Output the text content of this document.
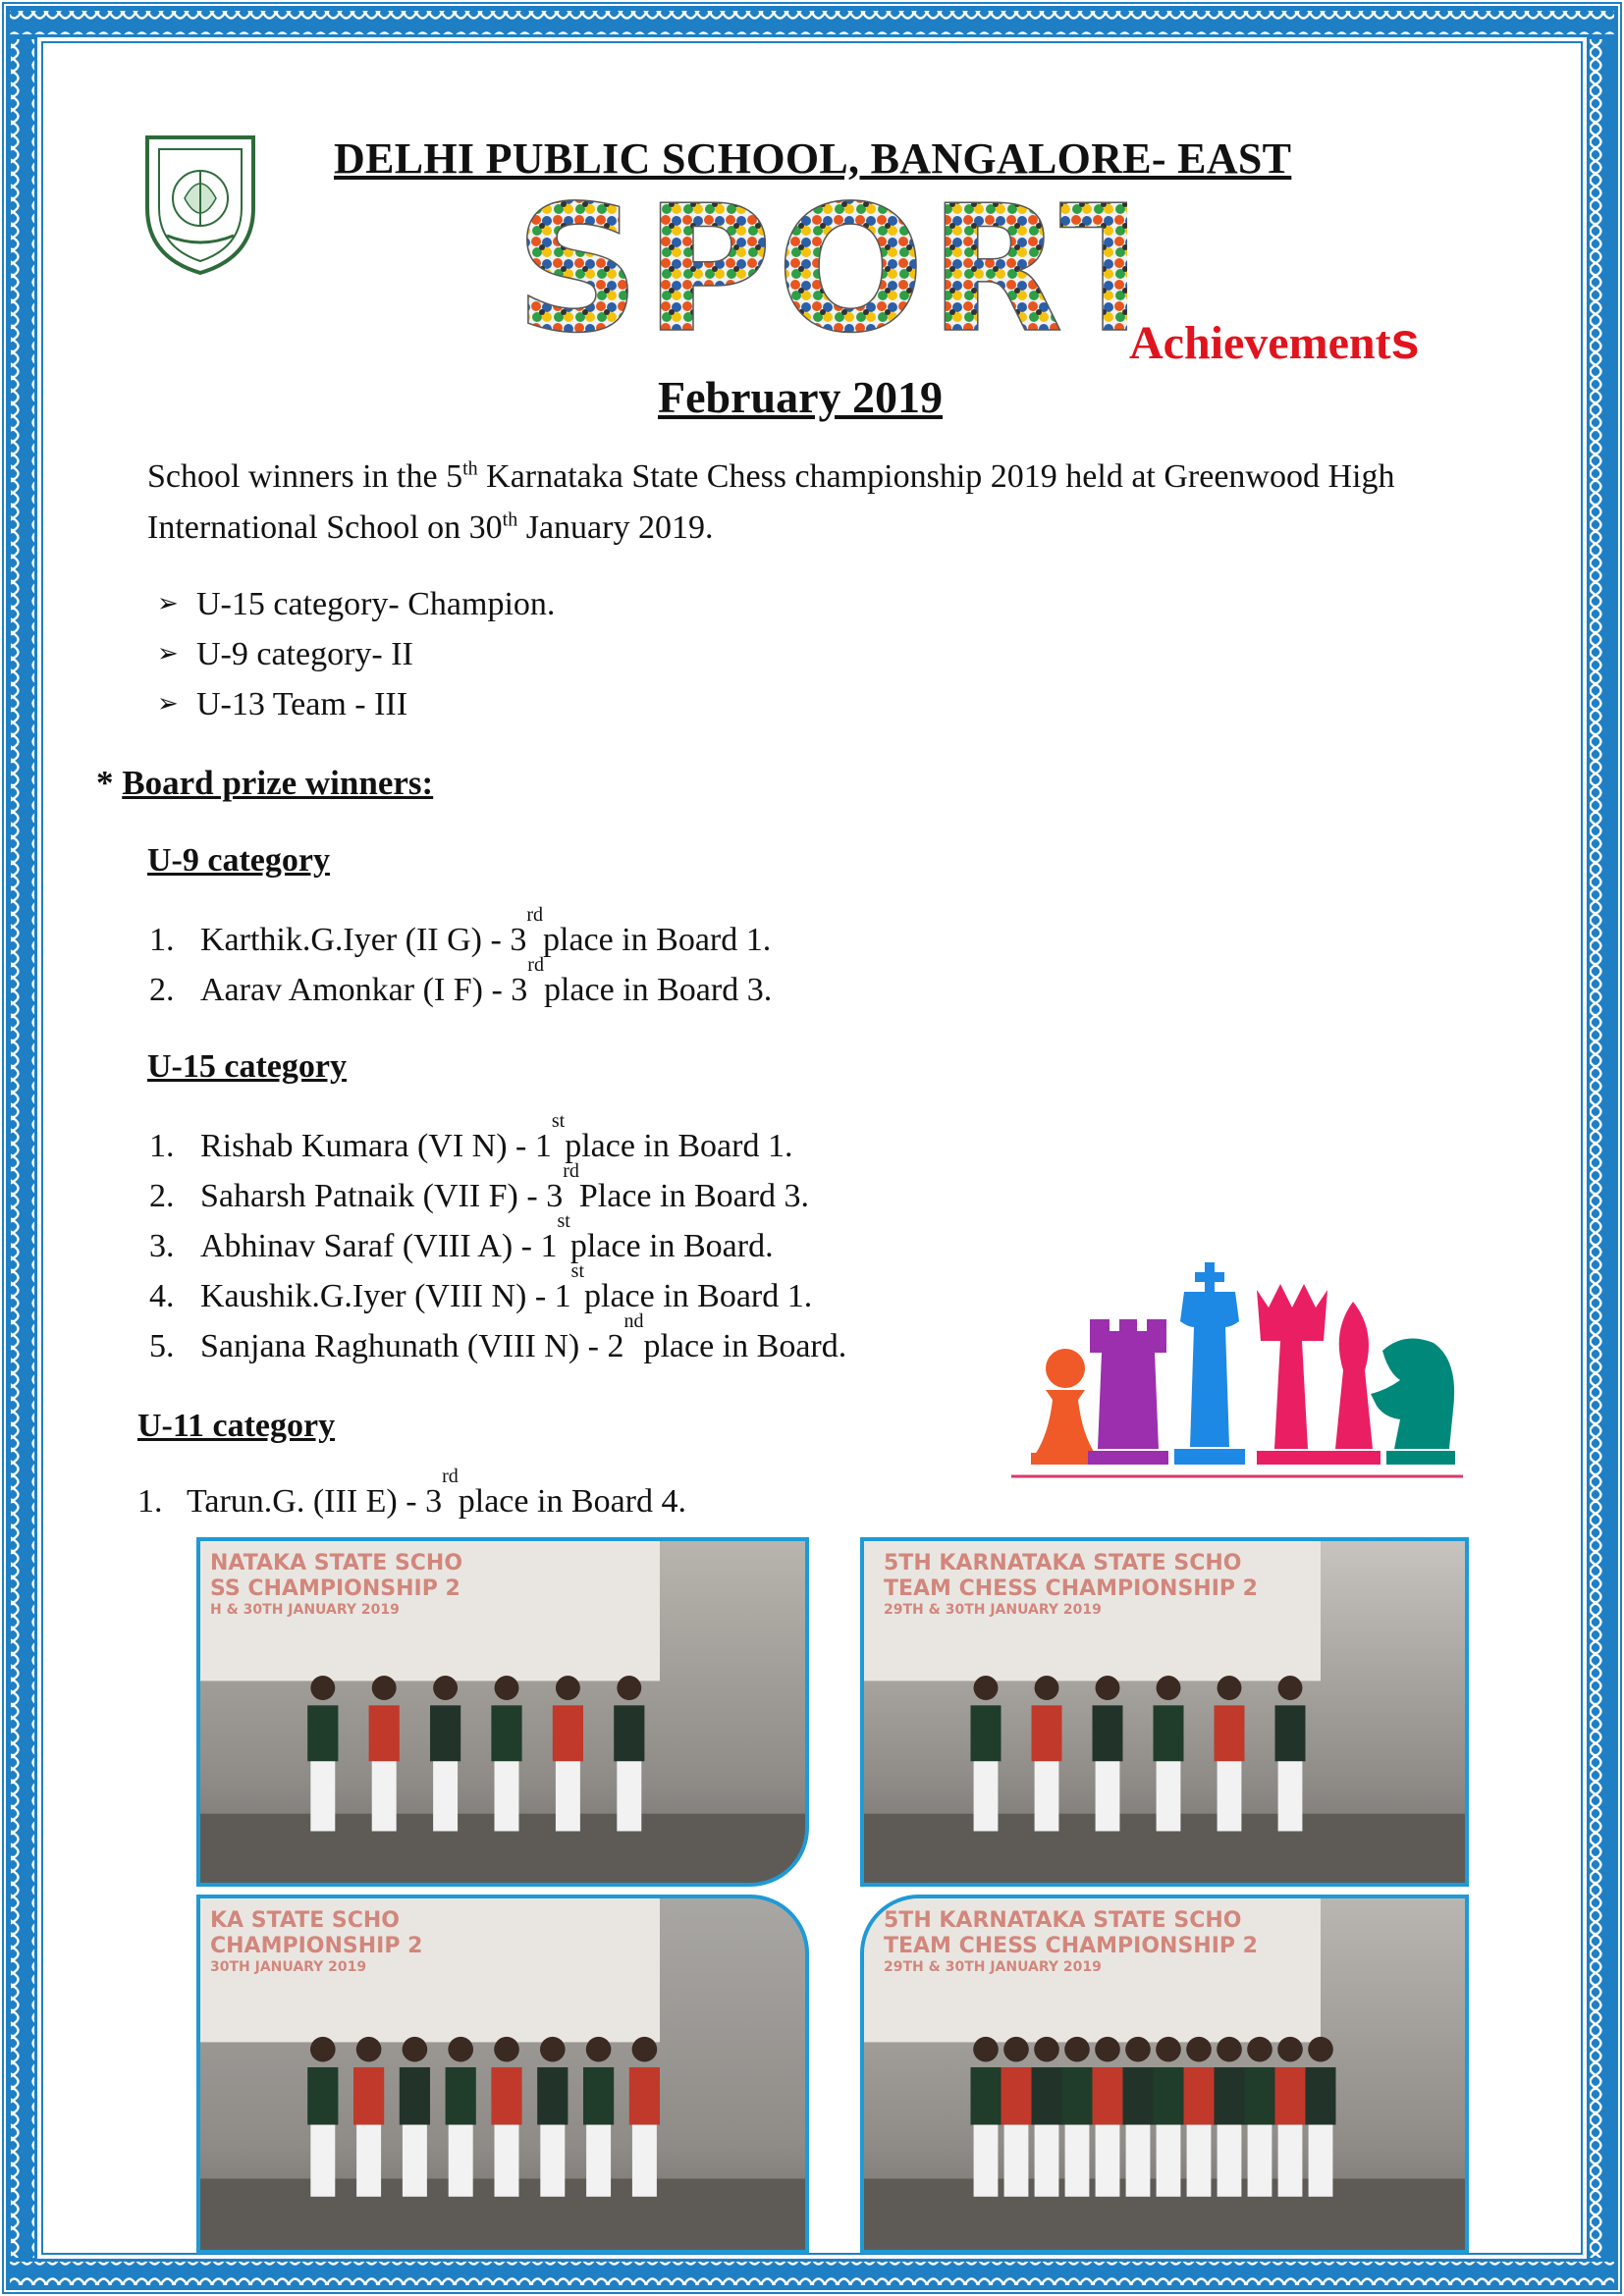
DELHI PUBLIC SCHOOL, BANGALORE- EAST
SPORT
Achievements
February 2019
School winners in the 5th Karnataka State Chess championship 2019 held at Greenwood High International School on 30th January 2019.
➢ U-15 category- Champion.
➢ U-9 category- II
➢ U-13 Team - III
* Board prize winners:
U-9 category
1. Karthik.G.Iyer (II G) - 3
rd
place in Board 1.
2. Aarav Amonkar (I F) - 3
rd
place in Board 3.
U-15 category
1. Rishab Kumara (VI N) - 1
st
place in Board 1.
2. Saharsh Patnaik (VII F) - 3
rd
Place in Board 3.
3. Abhinav Saraf (VIII A) - 1
st
place in Board.
4. Kaushik.G.Iyer (VIII N) - 1
st
place in Board 1.
5. Sanjana Raghunath (VIII N) - 2
nd
place in Board.
U-11 category
1. Tarun.G. (III E) - 3
rd
place in Board 4.
NATAKA STATE SCHO
SS CHAMPIONSHIP 2
H & 30TH JANUARY 2019
5TH KARNATAKA STATE SCHO
TEAM CHESS CHAMPIONSHIP 2
29TH & 30TH JANUARY 2019
KA STATE SCHO
CHAMPIONSHIP 2
30TH JANUARY 2019
5TH KARNATAKA STATE SCHO
TEAM CHESS CHAMPIONSHIP 2
29TH & 30TH JANUARY 2019
